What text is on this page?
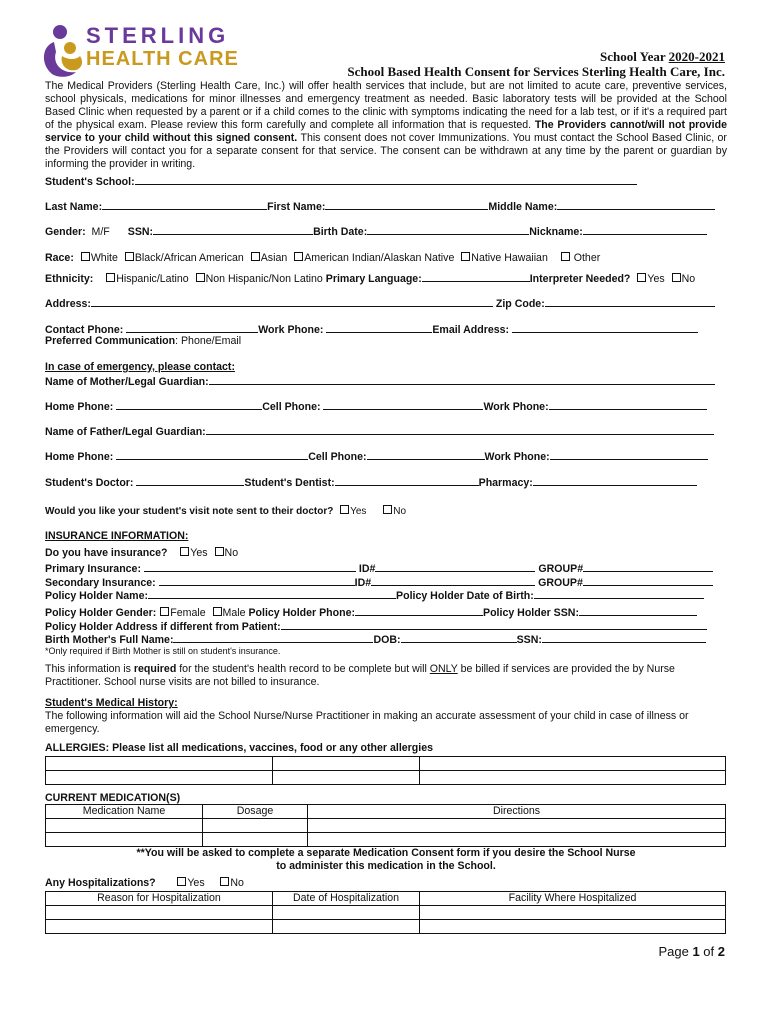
STERLING
HEALTH CARE	School Year 2020-2021
School Based Health Consent for Services Sterling Health Care, Inc.
The Medical Providers (Sterling Health Care, Inc.) will offer health services that include, but are not limited to acute care, preventive services, school physicals, medications for minor illnesses and emergency treatment as needed. Basic laboratory tests will be provided at the School Based Clinic when requested by a parent or if a child comes to the clinic with symptoms indicating the need for a lab test, or if it's a required part of the physical exam. Please review this form carefully and complete all information that is requested. The Providers cannot/will not provide service to your child without this signed consent. This consent does not cover Immunizations. You must contact the School Based Clinic, or the Providers will contact you for a separate consent for that service. The consent can be withdrawn at any time by the parent or guardian by informing the provider in writing.
Student's School:
Last Name:	First Name:	Middle Name:
Gender: M/F SSN:	Birth Date:	Nickname:
Race: White Black/African American Asian American Indian/Alaskan Native Native Hawaiian Other
Ethnicity: Hispanic/Latino Non Hispanic/Non Latino Primary Language:	Interpreter Needed? Yes No
Address:	Zip Code:
Contact Phone:	Work Phone:	Email Address:
Preferred Communication: Phone/Email
In case of emergency, please contact:
Name of Mother/Legal Guardian:
Home Phone:	Cell Phone:	Work Phone:
Name of Father/Legal Guardian:
Home Phone:	Cell Phone:	Work Phone:
Student's Doctor:	Student's Dentist:	Pharmacy:
Would you like your student's visit note sent to their doctor? Yes	No
INSURANCE INFORMATION:
Do you have insurance? Yes No
Primary Insurance:	ID#	GROUP#
Secondary Insurance:	ID#	GROUP#
Policy Holder Name:	Policy Holder Date of Birth:
Policy Holder Gender: Female Male Policy Holder Phone:	Policy Holder SSN:
Policy Holder Address if different from Patient:
Birth Mother's Full Name:	DOB:	SSN:
*Only required if Birth Mother is still on student's insurance.
This information is required for the student's health record to be complete but will ONLY be billed if services are provided the by Nurse Practitioner. School nurse visits are not billed to insurance.
Student's Medical History:
The following information will aid the School Nurse/Nurse Practitioner in making an accurate assessment of your child in case of illness or emergency.
ALLERGIES: Please list all medications, vaccines, food or any other allergies

CURRENT MEDICATION(S)
Medication Name	Dosage	Directions

**You will be asked to complete a separate Medication Consent form if you desire the School Nurse
to administer this medication in the School.
Any Hospitalizations?	Yes No
Reason for Hospitalization	Date of Hospitalization	Facility Where Hospitalized

Page 1 of 2
